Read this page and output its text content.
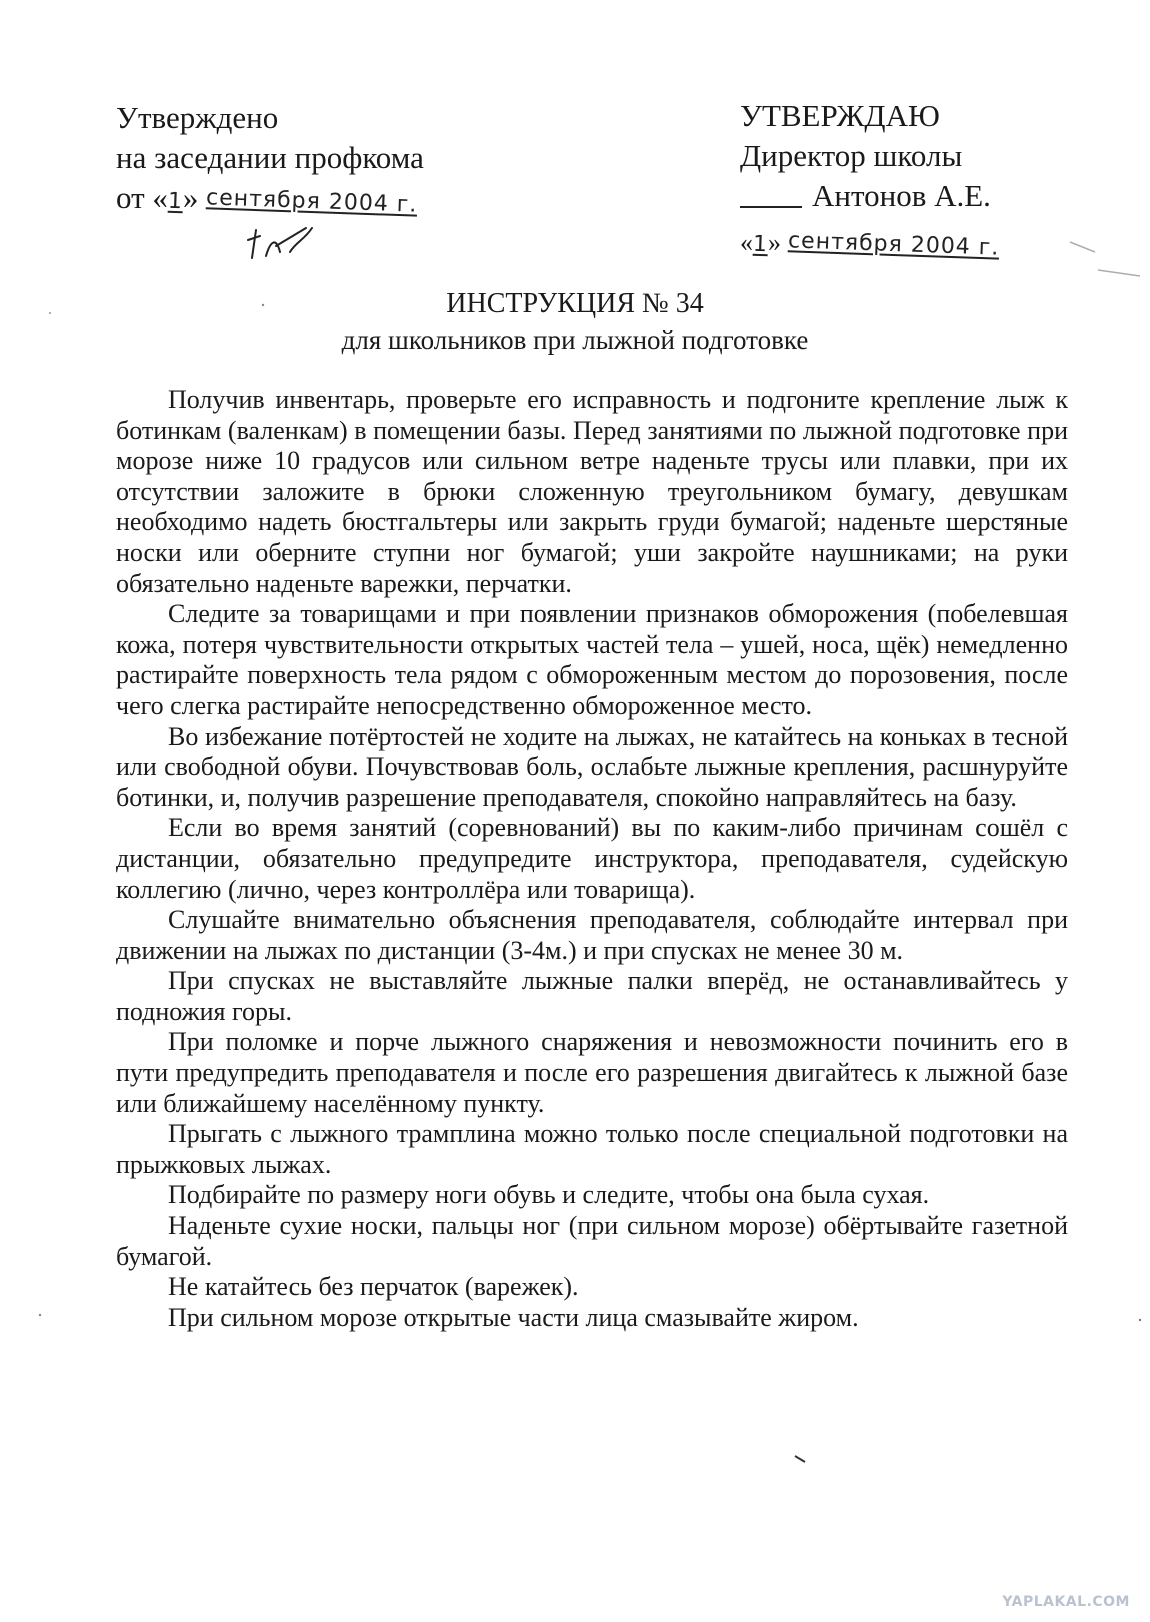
Утверждено
на заседании профкома
от «1» сентября 2004 г.
УТВЕРЖДАЮ
Директор школы
Антонов А.Е.
«1» сентября 2004 г.
ИНСТРУКЦИЯ № 34
для школьников при лыжной подготовке

Получив инвентарь, проверьте его исправность и подгоните крепление лыж к ботинкам (валенкам) в помещении базы. Перед занятиями по лыжной подготовке при морозе ниже 10 градусов или сильном ветре наденьте трусы или плавки, при их отсутствии заложите в брюки сложенную треугольником бумагу, девушкам необходимо надеть бюстгальтеры или закрыть груди бумагой; наденьте шерстяные носки или оберните ступни ног бумагой; уши закройте наушниками; на руки обязательно наденьте варежки, перчатки.

Следите за товарищами и при появлении признаков обморожения (побелевшая кожа, потеря чувствительности открытых частей тела – ушей, носа, щёк) немедленно растирайте поверхность тела рядом с обмороженным местом до порозовения, после чего слегка растирайте непосредственно обмороженное место.

Во избежание потёртостей не ходите на лыжах, не катайтесь на коньках в тесной или свободной обуви. Почувствовав боль, ослабьте лыжные крепления, расшнуруйте ботинки, и, получив разрешение преподавателя, спокойно направляйтесь на базу.

Если во время занятий (соревнований) вы по каким-либо причинам сошёл с дистанции, обязательно предупредите инструктора, преподавателя, судейскую коллегию (лично, через контроллёра или товарища).

Слушайте внимательно объяснения преподавателя, соблюдайте интервал при движении на лыжах по дистанции (3-4м.) и при спусках не менее 30 м.

При спусках не выставляйте лыжные палки вперёд, не останавливайтесь у подножия горы.

При поломке и порче лыжного снаряжения и невозможности починить его в пути предупредить преподавателя и после его разрешения двигайтесь к лыжной базе или ближайшему населённому пункту.

Прыгать с лыжного трамплина можно только после специальной подготовки на прыжковых лыжах.

Подбирайте по размеру ноги обувь и следите, чтобы она была сухая.

Наденьте сухие носки, пальцы ног (при сильном морозе) обёртывайте газетной бумагой.

Не катайтесь без перчаток (варежек).

При сильном морозе открытые части лица смазывайте жиром.

YAPLAKAL.COM
